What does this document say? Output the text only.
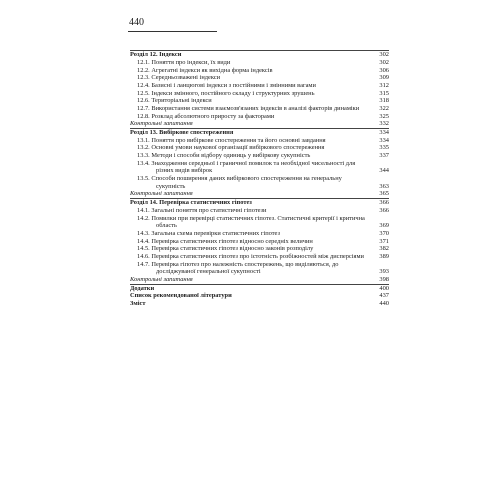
440
Розділ 12. Індекси	302
12.1. Поняття про індекси, їх види	302
12.2. Агрегатні індекси як вихідна форма індексів	306
12.3. Середньозважені індекси	309
12.4. Базисні і ланцюгові індекси з постійними і змінними вагами	312
12.5. Індекси змінного, постійного складу і структурних зрушень	315
12.6. Територіальні індекси	318
12.7. Використання системи взаємозв'язаних індексів в аналізі факторів динаміки	322
12.8. Розклад абсолютного приросту за факторами	325
Контрольні запитання	332
Розділ 13. Вибіркове спостереження	334
13.1. Поняття про вибіркове спостереження та його основні завдання	334
13.2. Основні умови наукової організації вибіркового спостереження	335
13.3. Методи і способи відбору одиниць у вибіркову сукупність	337
13.4. Знаходження середньої і граничної помилок та необхідної чисельності для різних видів вибірок	344
13.5. Способи поширення даних вибіркового спостереження на генеральну сукупність	363
Контрольні запитання	365
Розділ 14. Перевірка статистичних гіпотез	366
14.1. Загальні поняття про статистичні гіпотези	366
14.2. Помилки при перевірці статистичних гіпотез. Статистичні критерії і критична область	369
14.3. Загальна схема перевірки статистичних гіпотез	370
14.4. Перевірка статистичних гіпотез відносно середніх величин	371
14.5. Перевірка статистичних гіпотез відносно законів розподілу	382
14.6. Перевірка статистичних гіпотез про істотність розбіжностей між дисперсіями	389
14.7. Перевірка гіпотез про належність спостережень, що виділяються, до досліджуваної генеральної сукупності	393
Контрольні запитання	398
Додатки	400
Список рекомендованої літератури	437
Зміст	440
